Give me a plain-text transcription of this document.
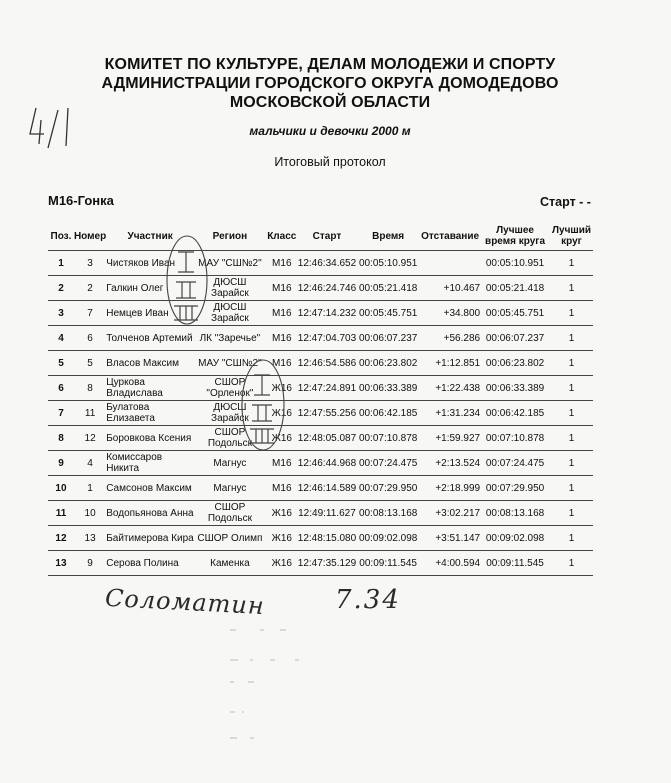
КОМИТЕТ ПО КУЛЬТУРЕ, ДЕЛАМ МОЛОДЕЖИ И СПОРТУ
АДМИНИСТРАЦИИ ГОРОДСКОГО ОКРУГА ДОМОДЕДОВО
МОСКОВСКОЙ ОБЛАСТИ
мальчики и девочки 2000 м
Итоговый протокол
М16-Гонка	Старт - -
Поз.	Номер	Участник	Регион	Класс	Старт	Время	Отставание	Лучшее время круга	Лучший круг
1	3	Чистяков Иван	МАУ "СШ№2"	М16	12:46:34.652	00:05:10.951		00:05:10.951	1
2	2	Галкин Олег	ДЮСШ Зарайск	М16	12:46:24.746	00:05:21.418	+10.467	00:05:21.418	1
3	7	Немцев Иван	ДЮСШ Зарайск	М16	12:47:14.232	00:05:45.751	+34.800	00:05:45.751	1
4	6	Толченов Артемий	ЛК "Заречье"	М16	12:47:04.703	00:06:07.237	+56.286	00:06:07.237	1
5	5	Власов Максим	МАУ "СШ№2"	М16	12:46:54.586	00:06:23.802	+1:12.851	00:06:23.802	1
6	8	Цуркова Владислава	СШОР "Орленок"	Ж16	12:47:24.891	00:06:33.389	+1:22.438	00:06:33.389	1
7	11	Булатова Елизавета	ДЮСШ Зарайск	Ж16	12:47:55.256	00:06:42.185	+1:31.234	00:06:42.185	1
8	12	Боровкова Ксения	СШОР Подольск	Ж16	12:48:05.087	00:07:10.878	+1:59.927	00:07:10.878	1
9	4	Комиссаров Никита	Магнус	М16	12:46:44.968	00:07:24.475	+2:13.524	00:07:24.475	1
10	1	Самсонов Максим	Магнус	М16	12:46:14.589	00:07:29.950	+2:18.999	00:07:29.950	1
11	10	Водопьянова Анна	СШОР Подольск	Ж16	12:49:11.627	00:08:13.168	+3:02.217	00:08:13.168	1
12	13	Байтимерова Кира	СШОР Олимп	Ж16	12:48:15.080	00:09:02.098	+3:51.147	00:09:02.098	1
13	9	Серова Полина	Каменка	Ж16	12:47:35.129	00:09:11.545	+4:00.594	00:09:11.545	1
Соломатин	7.34
